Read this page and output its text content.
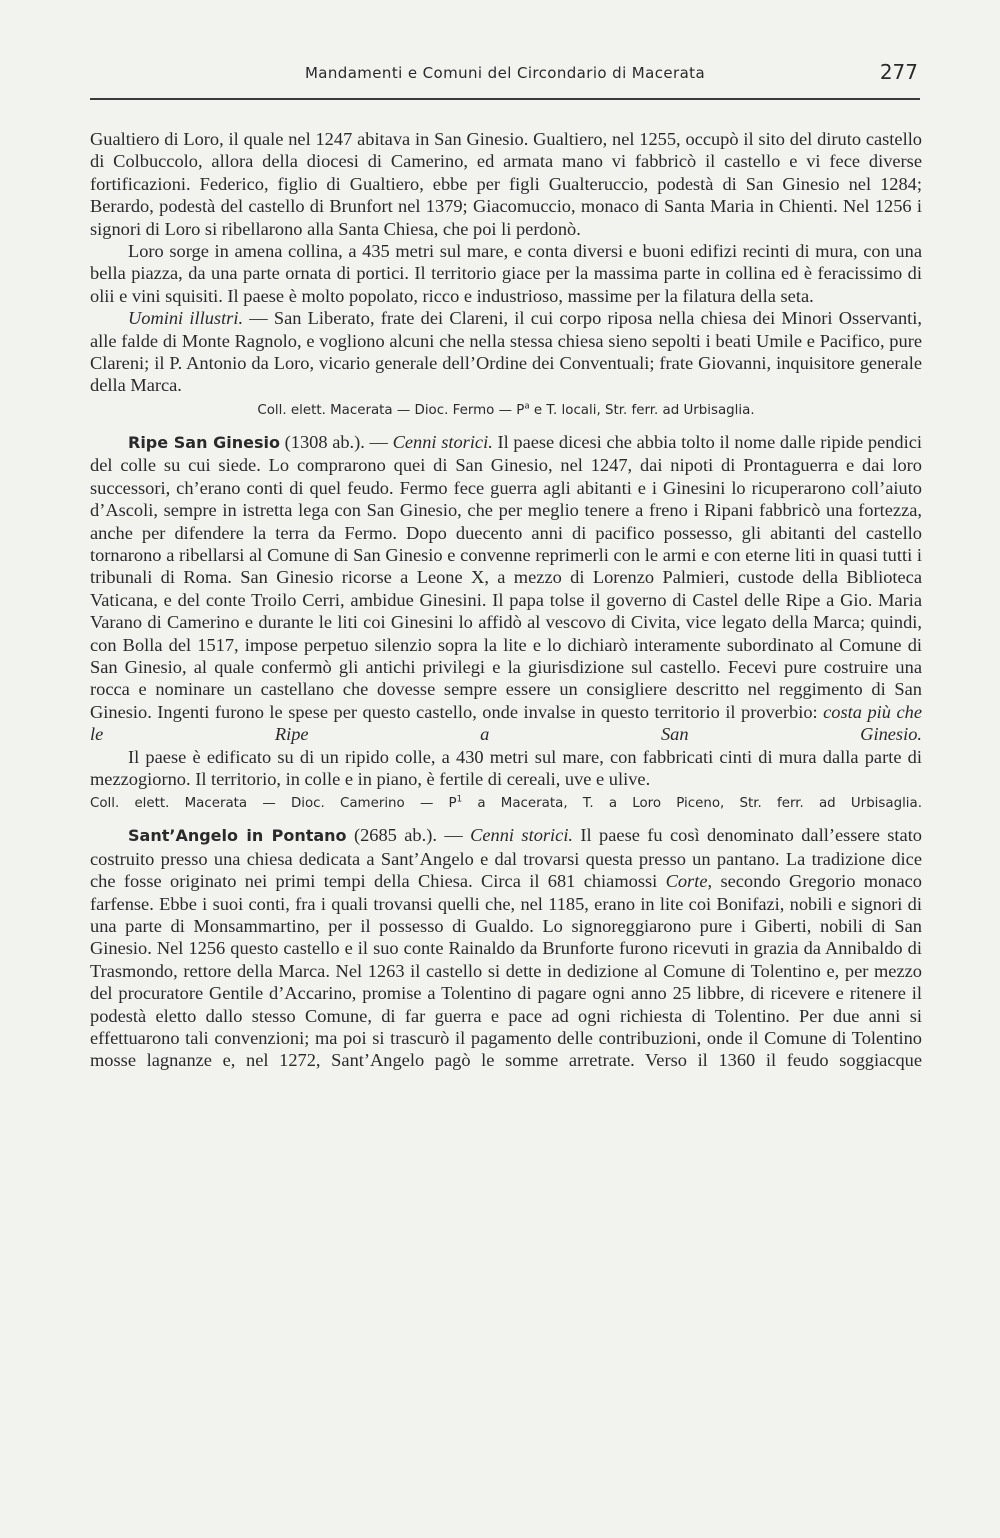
Mandamenti e Comuni del Circondario di Macerata	277

Gualtiero di Loro, il quale nel 1247 abitava in San Ginesio. Gualtiero, nel 1255, occupò il sito del diruto castello di Colbuccolo, allora della diocesi di Camerino, ed armata mano vi fabbricò il castello e vi fece diverse fortificazioni. Federico, figlio di Gualtiero, ebbe per figli Gualteruccio, podestà di San Ginesio nel 1284; Berardo, podestà del castello di Brunfort nel 1379; Giacomuccio, monaco di Santa Maria in Chienti. Nel 1256 i signori di Loro si ribellarono alla Santa Chiesa, che poi li perdonò.

Loro sorge in amena collina, a 435 metri sul mare, e conta diversi e buoni edifizi recinti di mura, con una bella piazza, da una parte ornata di portici. Il territorio giace per la massima parte in collina ed è feracissimo di olii e vini squisiti. Il paese è molto popolato, ricco e industrioso, massime per la filatura della seta.

Uomini illustri. — San Liberato, frate dei Clareni, il cui corpo riposa nella chiesa dei Minori Osservanti, alle falde di Monte Ragnolo, e vogliono alcuni che nella stessa chiesa sieno sepolti i beati Umile e Pacifico, pure Clareni; il P. Antonio da Loro, vicario generale dell’Ordine dei Conventuali; frate Giovanni, inquisitore generale della Marca.

Coll. elett. Macerata — Dioc. Fermo — $P^a$ e T. locali, Str. ferr. ad Urbisaglia.

Ripe San Ginesio (1308 ab.). — Cenni storici. Il paese dicesi che abbia tolto il nome dalle ripide pendici del colle su cui siede. Lo comprarono quei di San Ginesio, nel 1247, dai nipoti di Prontaguerra e dai loro successori, ch’erano conti di quel feudo. Fermo fece guerra agli abitanti e i Ginesini lo ricuperarono coll’aiuto d’Ascoli, sempre in istretta lega con San Ginesio, che per meglio tenere a freno i Ripani fabbricò una fortezza, anche per difendere la terra da Fermo. Dopo duecento anni di pacifico possesso, gli abitanti del castello tornarono a ribellarsi al Comune di San Ginesio e convenne reprimerli con le armi e con eterne liti in quasi tutti i tribunali di Roma. San Ginesio ricorse a Leone X, a mezzo di Lorenzo Palmieri, custode della Biblioteca Vaticana, e del conte Troilo Cerri, ambidue Ginesini. Il papa tolse il governo di Castel delle Ripe a Gio. Maria Varano di Camerino e durante le liti coi Ginesini lo affidò al vescovo di Civita, vice legato della Marca; quindi, con Bolla del 1517, impose perpetuo silenzio sopra la lite e lo dichiarò interamente subordinato al Comune di San Ginesio, al quale confermò gli antichi privilegi e la giurisdizione sul castello. Fecevi pure costruire una rocca e nominare un castellano che dovesse sempre essere un consigliere descritto nel reggimento di San Ginesio. Ingenti furono le spese per questo castello, onde invalse in questo territorio il proverbio: costa più che le Ripe a San Ginesio.

Il paese è edificato su di un ripido colle, a 430 metri sul mare, con fabbricati cinti di mura dalla parte di mezzogiorno. Il territorio, in colle e in piano, è fertile di cereali, uve e ulive.

Coll. elett. Macerata — Dioc. Camerino — $P^1$ a Macerata, T. a Loro Piceno, Str. ferr. ad Urbisaglia.

Sant’Angelo in Pontano (2685 ab.). — Cenni storici. Il paese fu così denominato dall’essere stato costruito presso una chiesa dedicata a Sant’Angelo e dal trovarsi questa presso un pantano. La tradizione dice che fosse originato nei primi tempi della Chiesa. Circa il 681 chiamossi Corte, secondo Gregorio monaco farfense. Ebbe i suoi conti, fra i quali trovansi quelli che, nel 1185, erano in lite coi Bonifazi, nobili e signori di una parte di Monsammartino, per il possesso di Gualdo. Lo signoreggiarono pure i Giberti, nobili di San Ginesio. Nel 1256 questo castello e il suo conte Rainaldo da Brunforte furono ricevuti in grazia da Annibaldo di Trasmondo, rettore della Marca. Nel 1263 il castello si dette in dedizione al Comune di Tolentino e, per mezzo del procuratore Gentile d’Accarino, promise a Tolentino di pagare ogni anno 25 libbre, di ricevere e ritenere il podestà eletto dallo stesso Comune, di far guerra e pace ad ogni richiesta di Tolentino. Per due anni si effettuarono tali convenzioni; ma poi si trascurò il pagamento delle contribuzioni, onde il Comune di Tolentino mosse lagnanze e, nel 1272, Sant’Angelo pagò le somme arretrate. Verso il 1360 il feudo soggiacque
